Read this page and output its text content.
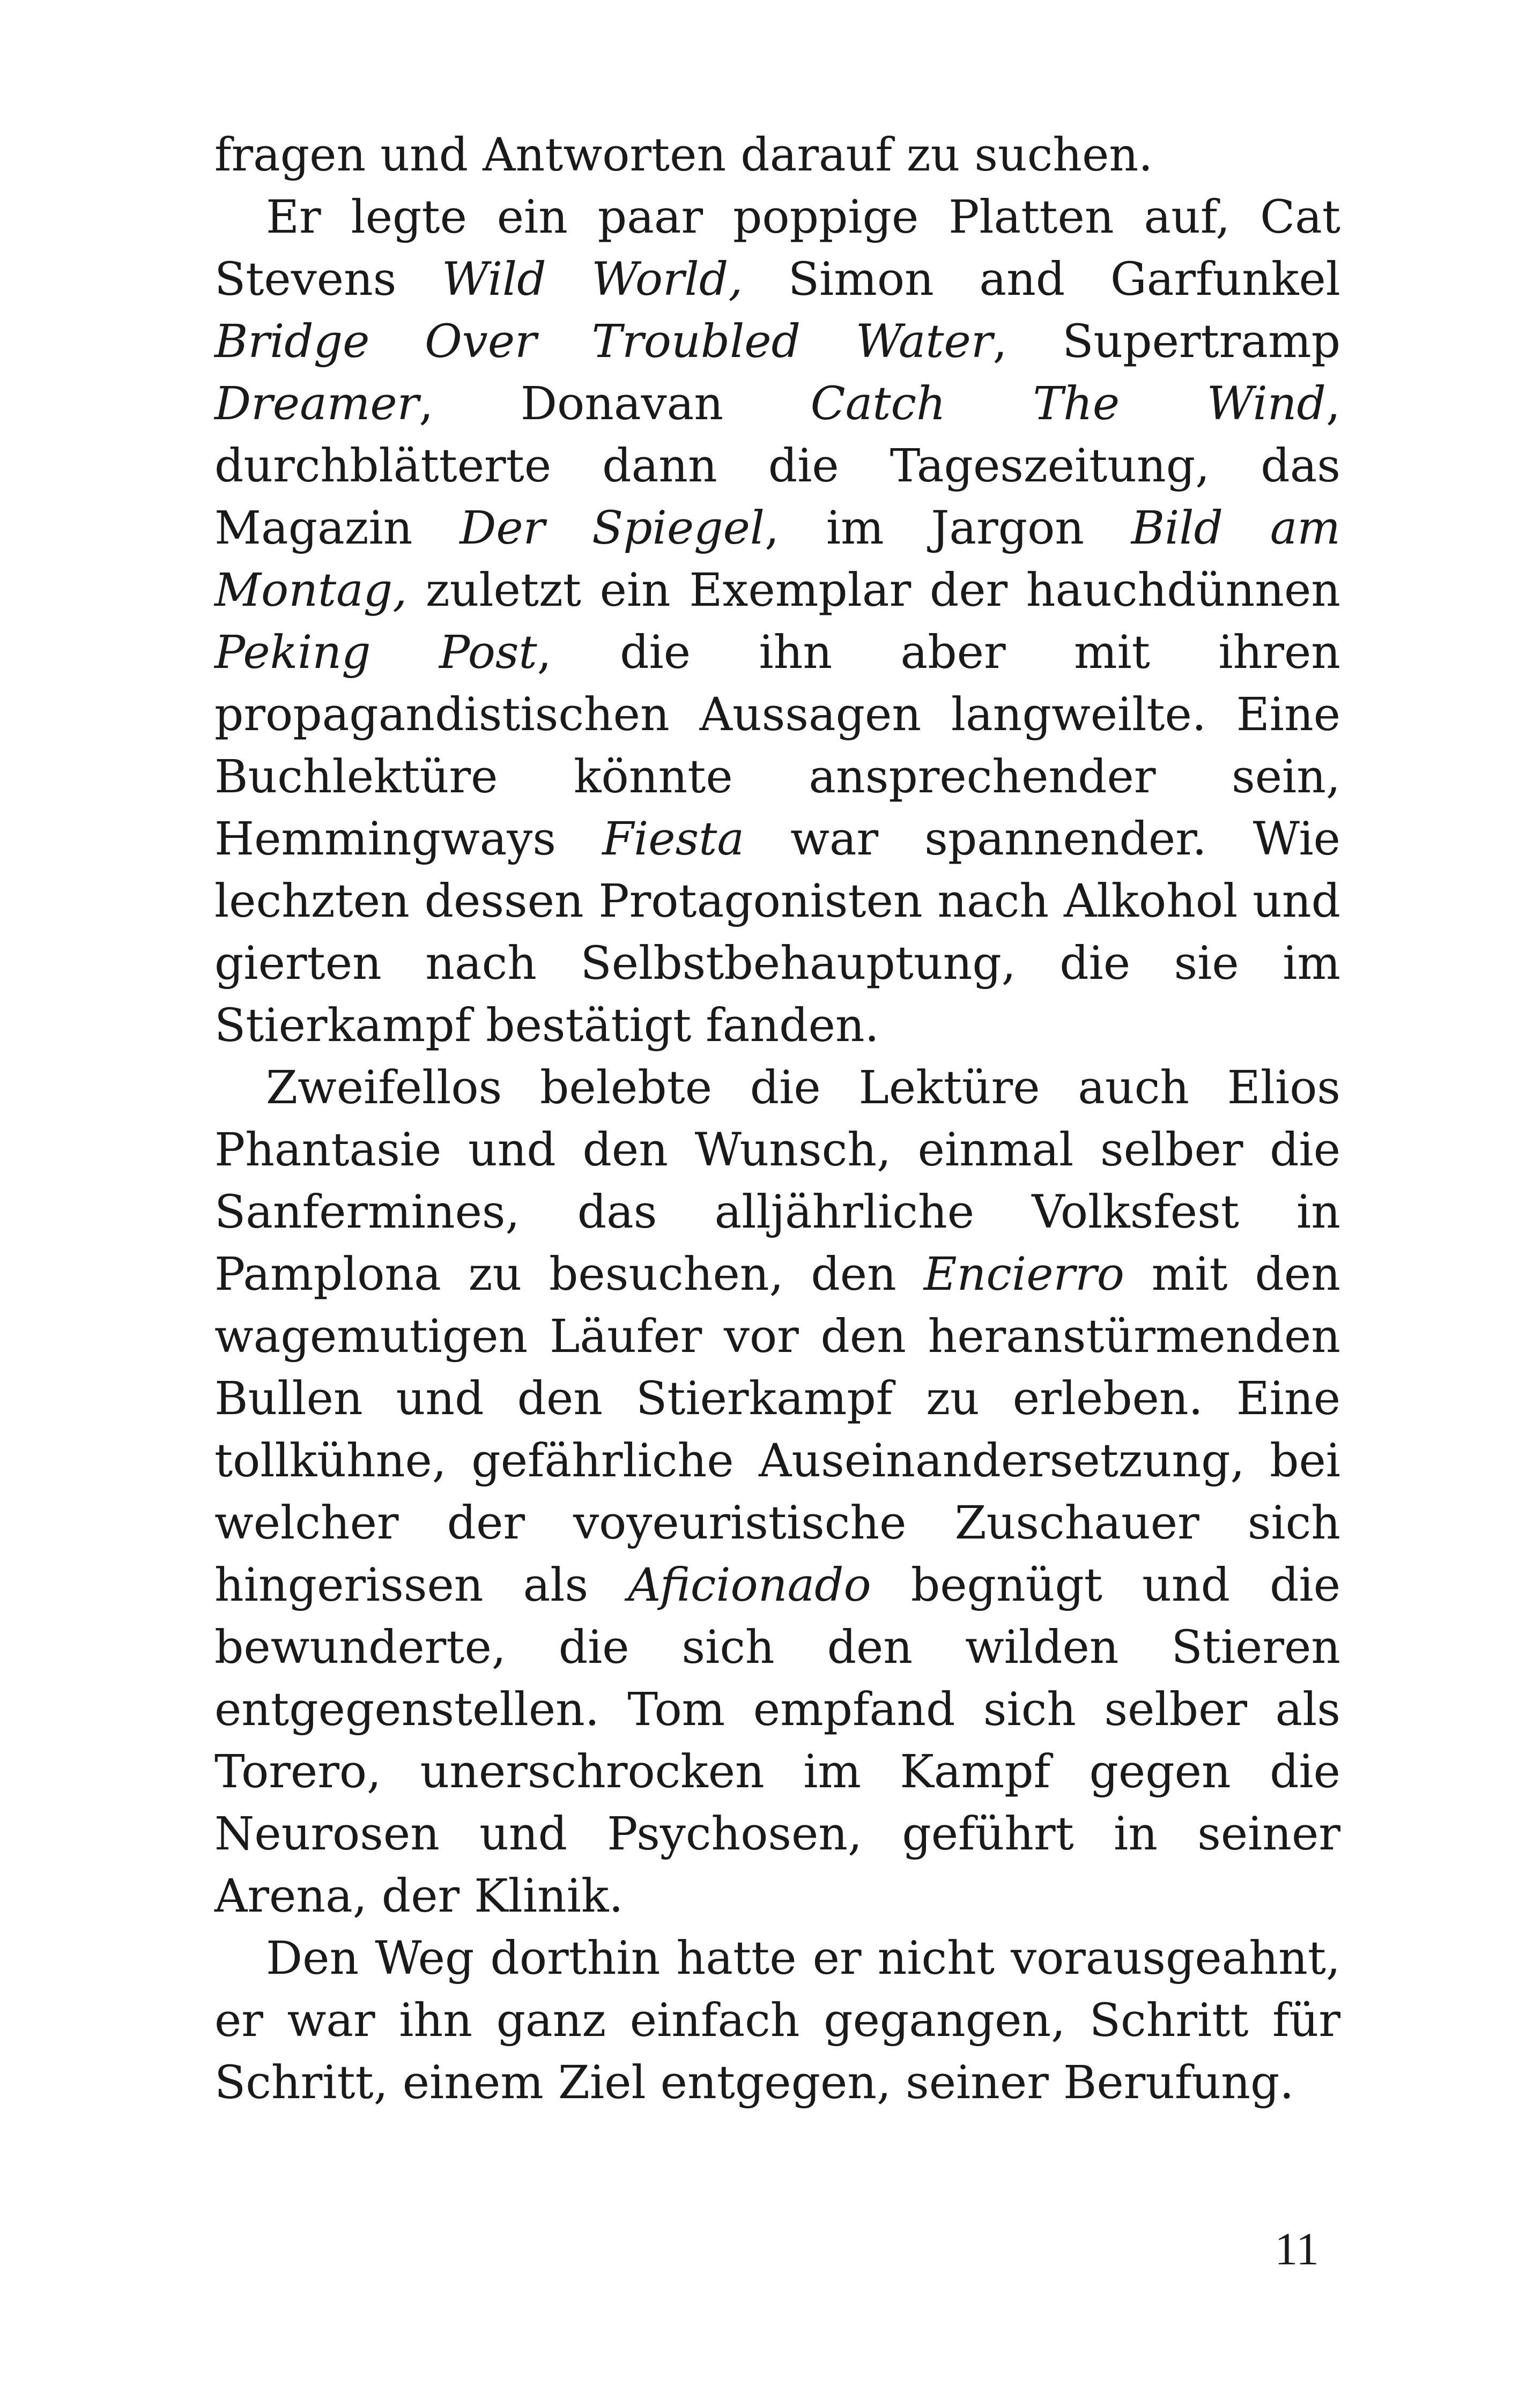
fragen und Antworten darauf zu suchen.

Er legte ein paar poppige Platten auf, Cat Stevens Wild World, Simon and Garfunkel Bridge Over Troubled Water, Supertramp Dreamer, Donavan Catch The Wind, durchblätterte dann die Tageszeitung, das Magazin Der Spiegel, im Jargon Bild am Montag, zuletzt ein Exemplar der hauchdünnen Peking Post, die ihn aber mit ihren propagandistischen Aussagen langweilte. Eine Buchlektüre könnte ansprechender sein, Hemmingways Fiesta war spannender. Wie lechzten dessen Protagonisten nach Alkohol und gierten nach Selbstbehauptung, die sie im Stierkampf bestätigt fanden.

Zweifellos belebte die Lektüre auch Elios Phantasie und den Wunsch, einmal selber die Sanfermines, das alljährliche Volksfest in Pamplona zu besuchen, den Encierro mit den wagemutigen Läufer vor den heranstürmenden Bullen und den Stierkampf zu erleben. Eine tollkühne, gefährliche Auseinandersetzung, bei welcher der voyeuristische Zuschauer sich hingerissen als Aficionado begnügt und die bewunderte, die sich den wilden Stieren entgegenstellen. Tom empfand sich selber als Torero, unerschrocken im Kampf gegen die Neurosen und Psychosen, geführt in seiner Arena, der Klinik.

Den Weg dorthin hatte er nicht vorausgeahnt, er war ihn ganz einfach gegangen, Schritt für Schritt, einem Ziel entgegen, seiner Berufung.

11
